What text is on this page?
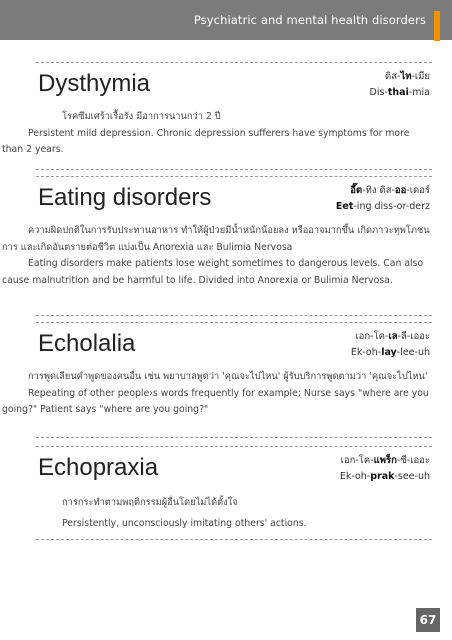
Psychiatric and mental health disorders
Dysthymia	ดิส-ไท-เมีย
Dis-thai-mia

โรคซึมเศร้าเรื้อรัง มีอาการนานกว่า 2 ปี

Persistent mild depression. Chronic depression sufferers have symptoms for more than 2 years.

Eating disorders	อี๊ต-ทิง ดิส-ออ-เดอร์
Eet-ing diss-or-derz

ความผิดปกติในการรับประทานอาหาร ทำให้ผู้ป่วยมีน้ำหนักน้อยลง หรืออาจมากขึ้น เกิดภาวะทุพโภชนการ และเกิดอันตรายต่อชีวิต แบ่งเป็น Anorexia และ Bulimia Nervosa

Eating disorders make patients lose weight sometimes to dangerous levels. Can also cause malnutrition and be harmful to life. Divided into Anorexia or Bulimia Nervosa.

Echolalia	เอก-โค-เล-ลี-เออะ
Ek-oh-lay-lee-uh

การพูดเลียนคำพูดของคนอื่น เช่น พยาบาลพูดว่า 'คุณจะไปไหน' ผู้รับบริการพูดตามว่า 'คุณจะไปไหน'

Repeating of other people›s words frequently for example; Nurse says "where are you going?" Patient says "where are you going?"

Echopraxia	เอก-โค-แพร็ก-ซี-เออะ
Ek-oh-prak-see-uh

การกระทำตามพฤติกรรมผู้อื่นโดยไม่ได้ตั้งใจ

Persistently, unconsciously imitating others' actions.

67
